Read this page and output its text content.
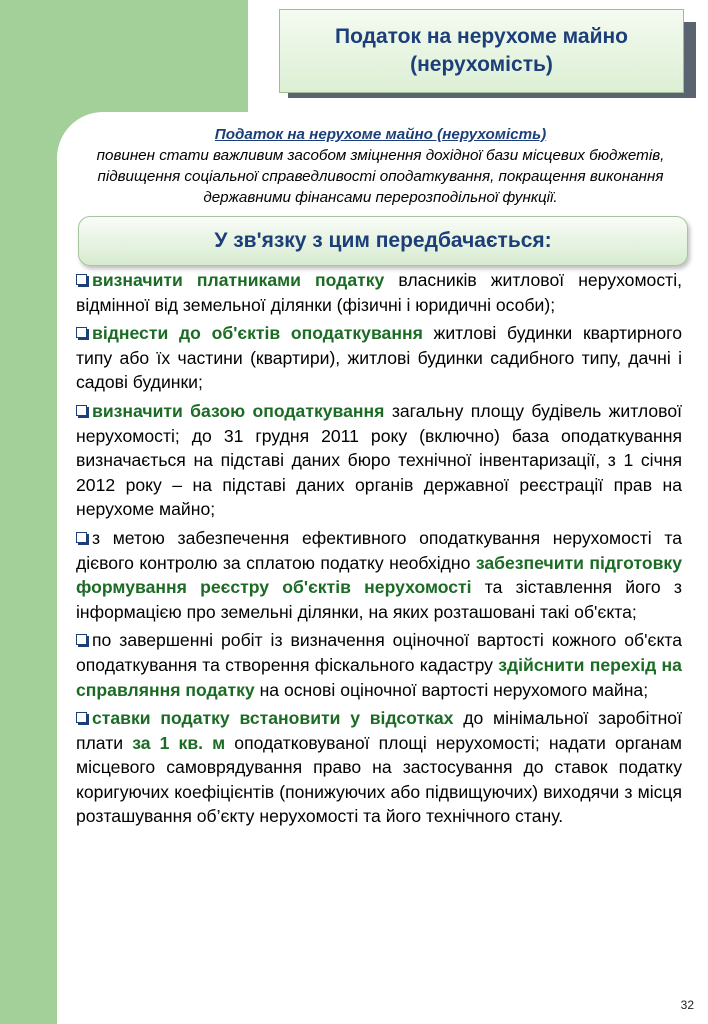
Податок на нерухоме майно
(нерухомість)
Податок на нерухоме майно (нерухомість)
повинен стати важливим засобом зміцнення дохідної бази місцевих бюджетів, підвищення соціальної справедливості оподаткування, покращення виконання державними фінансами перерозподільної функції.
У зв'язку з цим передбачається:
визначити платниками податку власників житлової нерухомості, відмінної від земельної ділянки (фізичні і юридичні особи);
віднести до об'єктів оподаткування житлові будинки квартирного типу або їх частини (квартири), житлові будинки садибного типу, дачні і садові будинки;
визначити базою оподаткування загальну площу будівель житлової нерухомості; до 31 грудня 2011 року (включно) база оподаткування визначається на підставі даних бюро технічної інвентаризації, з 1 січня 2012 року – на підставі даних органів державної реєстрації прав на нерухоме майно;
з метою забезпечення ефективного оподаткування нерухомості та дієвого контролю за сплатою податку необхідно забезпечити підготовку формування реєстру об'єктів нерухомості та зіставлення його з інформацією про земельні ділянки, на яких розташовані такі об'єкта;
по завершенні робіт із визначення оціночної вартості кожного об'єкта оподаткування та створення фіскального кадастру здійснити перехід на справляння податку на основі оціночної вартості нерухомого майна;
ставки податку встановити у відсотках до мінімальної заробітної плати за 1 кв. м оподатковуваної площі нерухомості; надати органам місцевого самоврядування право на застосування до ставок податку коригуючих коефіцієнтів (понижуючих або підвищуючих) виходячи з місця розташування об’єкту нерухомості та його технічного стану.
32
